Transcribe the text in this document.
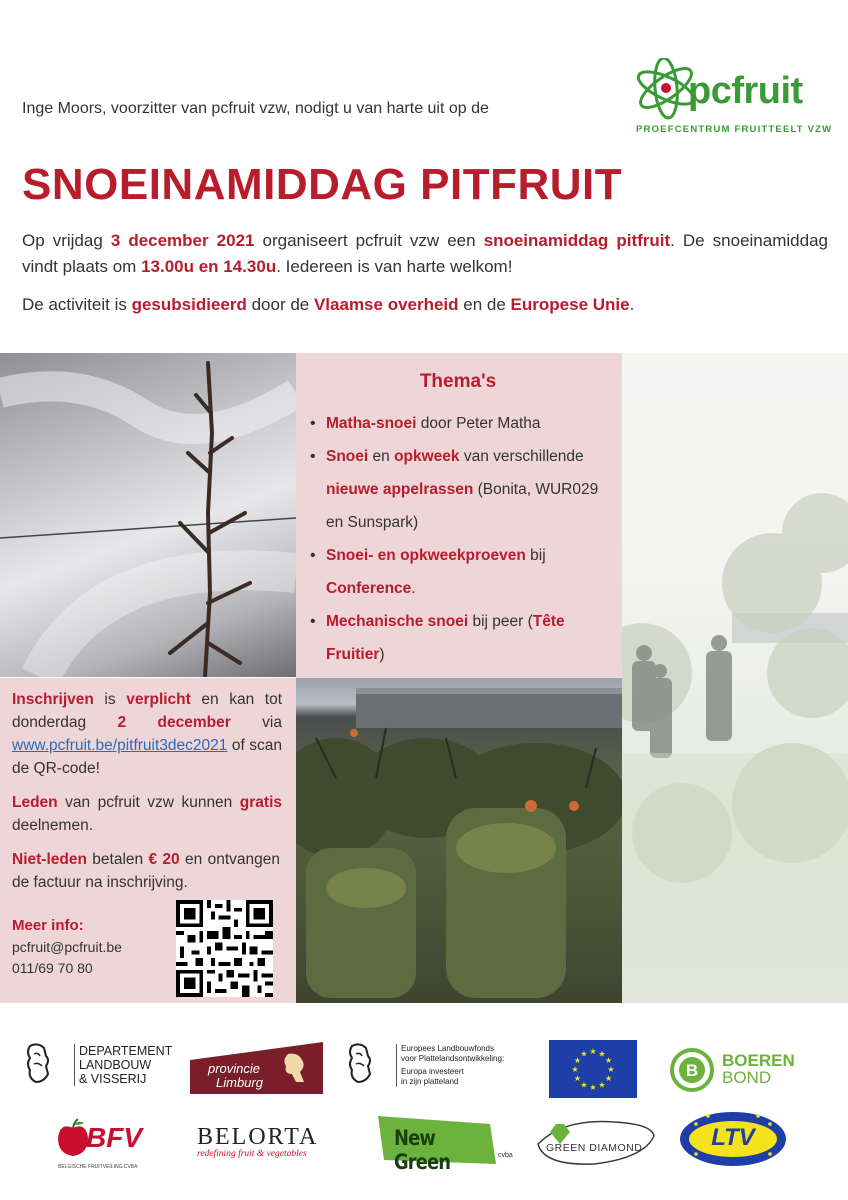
Inge Moors, voorzitter van pcfruit vzw, nodigt u van harte uit op de	pcfruit
PROEFCENTRUM FRUITTEELT VZW
SNOEINAMIDDAG PITFRUIT

Op vrijdag 3 december 2021 organiseert pcfruit vzw een snoeinamiddag pitfruit. De snoeinamiddag vindt plaats om 13.00u en 14.30u. Iedereen is van harte welkom!

De activiteit is gesubsidieerd door de Vlaamse overheid en de Europese Unie.

Thema's
• Matha-snoei door Peter Matha
• Snoei en opkweek van verschillende nieuwe appelrassen (Bonita, WUR029 en Sunspark)
• Snoei- en opkweekproeven bij Conference.
• Mechanische snoei bij peer (Tête Fruitier)

Inschrijven is verplicht en kan tot donderdag 2 december via www.pcfruit.be/pitfruit3dec2021 of scan de QR-code!

Leden van pcfruit vzw kunnen gratis deelnemen.

Niet-leden betalen € 20 en ontvangen de factuur na inschrijving.

Meer info:
pcfruit@pcfruit.be
011/69 70 80
DEPARTEMENT
LANDBOUW
& VISSERIJ
provincie
Limburg
Europees Landbouwfonds
voor Plattelandsontwikkeling:
Europa investeert
in zijn platteland
★ ★
★
★
★
★
★
★
★
★
★
★
B
BOEREN
BOND
BFV
BELGISCHE FRUITVEILING CVBA
BELORTA
redefining fruit & vegetables
New Green	cvba
GREEN DIAMOND	LTV
